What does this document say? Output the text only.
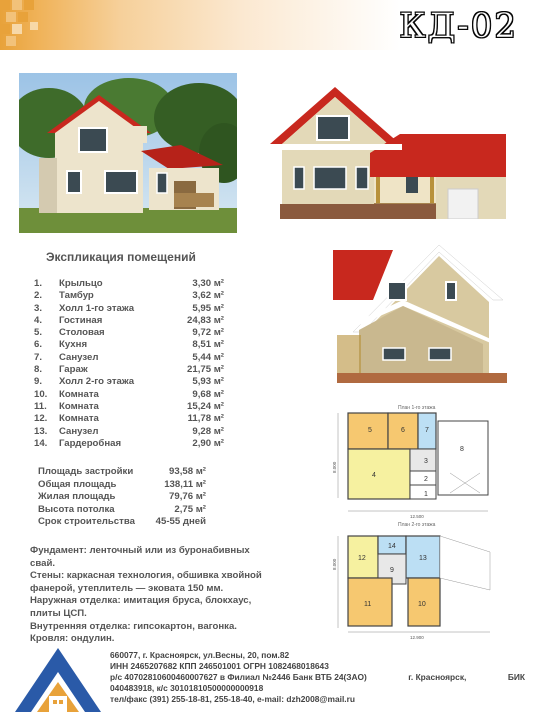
КД-02
Экспликация помещений
1. Крыльцо	3,30 м²
2. Тамбур	3,62 м²
3. Холл 1-го этажа	5,95 м²
4. Гостиная	24,83 м²
5. Столовая	9,72 м²
6. Кухня	8,51 м²
7. Санузел	5,44 м²
8. Гараж	21,75 м²
9. Холл 2-го этажа	5,93 м²
10. Комната	9,68 м²
11. Комната	15,24 м²
12. Комната	11,78 м²
13. Санузел	9,28 м²
14. Гардеробная	2,90 м²
Площадь застройки	93,58 м²
Общая площадь	138,11 м²
Жилая площадь	79,76 м²
Высота потолка	2,75 м²
Срок строительства 45-55 дней
Фундамент: ленточный или из буронабивных
свай.
Стены: каркасная технология, обшивка хвойной
фанерой, утеплитель — эковата 150 мм.
Наружная отделка: имитация бруса, блокхаус,
плиты ЦСП.
Внутренняя отделка: гипсокартон, вагонка.
Кровля: ондулин.
План 1-го этажа
8.000
5	6	7
4
3
2
1
8
12.500
План 2-го этажа
8.000
12
14
13
9
11	10
12.900
660077, г. Красноярск, ул.Весны, 20, пом.82
ИНН 2465207682 КПП 246501001 ОГРН 1082468018643
р/с 40702810600460007627 в Филиал №2446 Банк ВТБ 24(ЗАО)	г. Красноярск,	БИК
040483918, к/с 30101810500000000918
тел/факс (391) 255-18-81, 255-18-40, e-mail: dzh2008@mail.ru
